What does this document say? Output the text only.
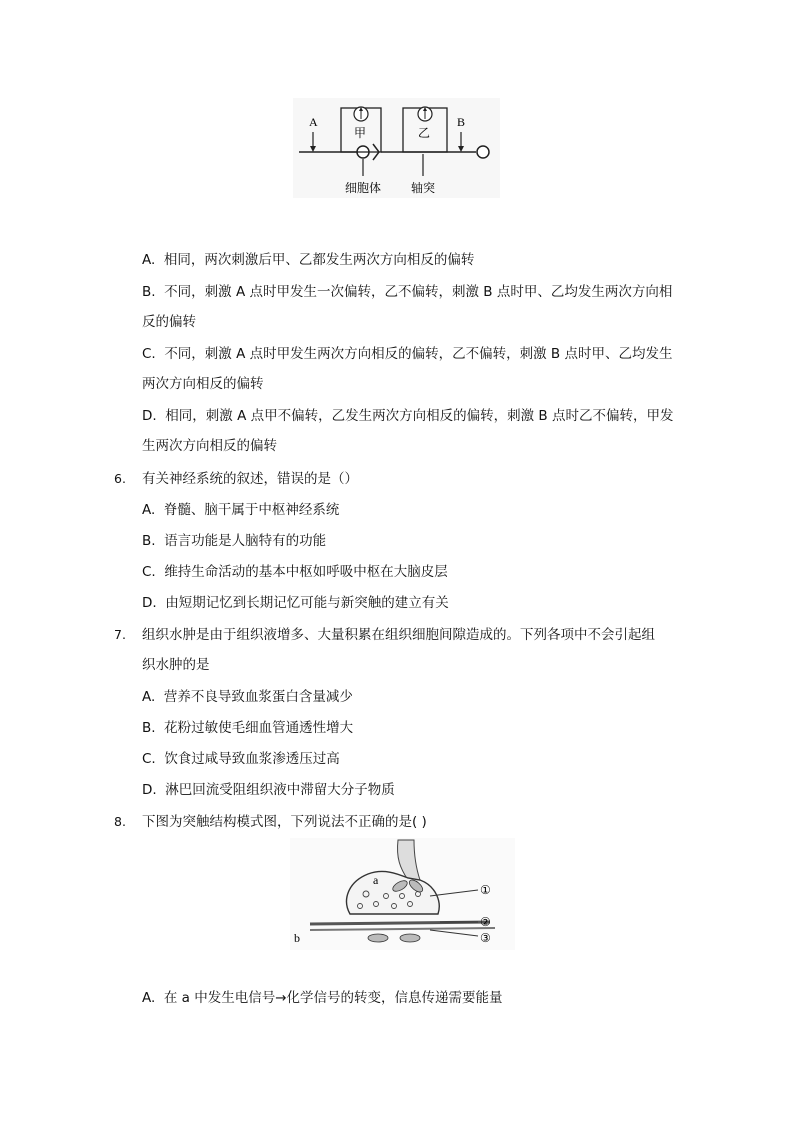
A
甲	乙
B
细胞体 轴突
A. 相同，两次刺激后甲、乙都发生两次方向相反的偏转
B. 不同，刺激 A 点时甲发生一次偏转，乙不偏转，刺激 B 点时甲、乙均发生两次方向相
反的偏转
C. 不同，刺激 A 点时甲发生两次方向相反的偏转，乙不偏转，刺激 B 点时甲、乙均发生
两次方向相反的偏转
D. 相同，刺激 A 点甲不偏转，乙发生两次方向相反的偏转，刺激 B 点时乙不偏转，甲发
生两次方向相反的偏转
6. 有关神经系统的叙述，错误的是（）
A. 脊髓、脑干属于中枢神经系统
B. 语言功能是人脑特有的功能
C. 维持生命活动的基本中枢如呼吸中枢在大脑皮层
D. 由短期记忆到长期记忆可能与新突触的建立有关
7. 组织水肿是由于组织液增多、大量积累在组织细胞间隙造成的。下列各项中不会引起组
织水肿的是
A. 营养不良导致血浆蛋白含量减少
B. 花粉过敏使毛细血管通透性增大
C. 饮食过咸导致血浆渗透压过高
D. 淋巴回流受阻组织液中滞留大分子物质
8. 下图为突触结构模式图，下列说法不正确的是( )
a
b
①
②
③
A. 在 a 中发生电信号→化学信号的转变，信息传递需要能量
